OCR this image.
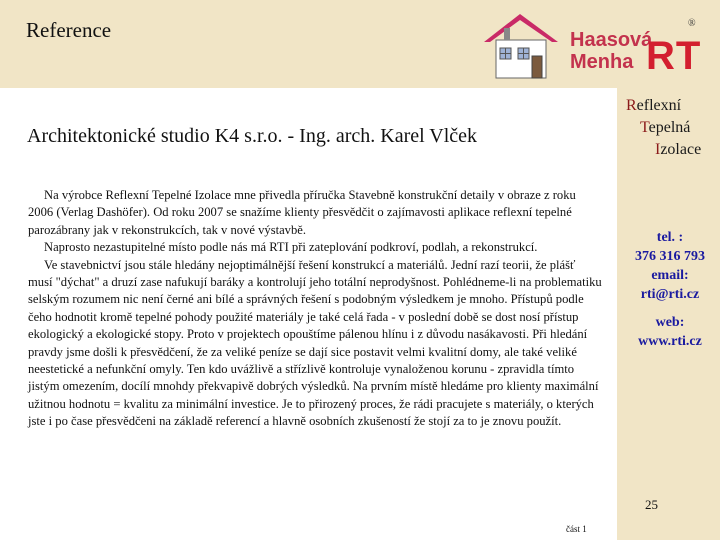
Reference	Haasová
Menha RT
®
Architektonické studio K4 s.r.o. - Ing. arch. Karel Vlček

Na výrobce Reflexní Tepelné Izolace mne přivedla příručka Stavebně konstrukční detaily v obraze z roku 2006 (Verlag Dashöfer). Od roku 2007 se snažíme klienty přesvědčit o zajímavosti aplikace reflexní tepelné parozábrany jak v rekonstrukcích, tak v nové výstavbě.

Naprosto nezastupitelné místo podle nás má RTI při zateplování podkroví, podlah, a rekonstrukcí.

Ve stavebnictví jsou stále hledány nejoptimálnější řešení konstrukcí a materiálů. Jední razí teorii, že plášť musí "dýchat" a druzí zase nafukují baráky a kontrolují jeho totální neprodyšnost. Pohlédneme-li na problematiku selským rozumem nic není černé ani bílé a správných řešení s podobným výsledkem je mnoho. Přístupů podle čeho hodnotit kromě tepelné pohody použité materiály je také celá řada - v poslední době se dost nosí přístup ekologický a ekologické stopy. Proto v projektech opouštíme pálenou hlínu i z důvodu nasákavosti. Při hledání pravdy jsme došli k přesvědčení, že za veliké peníze se dají sice postavit velmi kvalitní domy, ale také veliké neestetické a nefunkční omyly. Ten kdo uvážlivě a střízlivě kontroluje vynaloženou korunu - zpravidla tímto jistým omezením, docílí mnohdy překvapivě dobrých výsledků. Na prvním místě hledáme pro klienty maximální užitnou hodnotu = kvalitu za minimální investice. Je to přirozený proces, že rádi pracujete s materiály, o kterých jste i po čase přesvědčeni na základě referencí a hlavně osobních zkušeností že stojí za to je znovu použít.

Reflexní
Tepelná
Izolace
tel. :
376 316 793
email:
rti@rti.cz
web:
www.rti.cz
25
část 1
